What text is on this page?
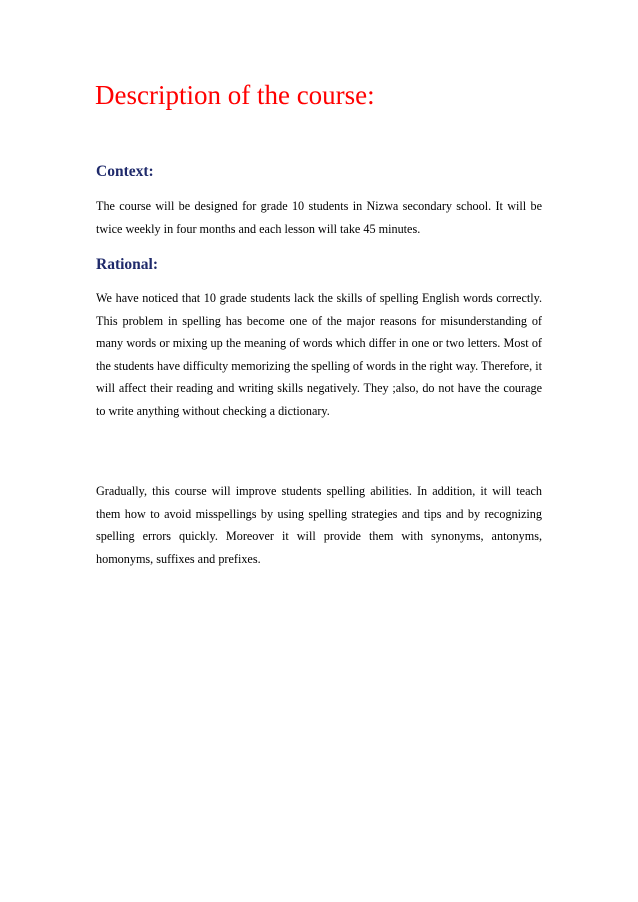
Description of the course:
Context:

The course will be designed for grade 10 students in Nizwa secondary school. It will be twice weekly in four months and each lesson will take 45 minutes.

Rational:

We have noticed that 10 grade students lack the skills of spelling English words correctly. This problem in spelling has become one of the major reasons for misunderstanding of many words or mixing up the meaning of words which differ in one or two letters. Most of the students have difficulty memorizing the spelling of words in the right way. Therefore, it will affect their reading and writing skills negatively. They ;also, do not have the courage to write anything without checking a dictionary.

Gradually, this course will improve students spelling abilities. In addition, it will teach them how to avoid misspellings by using spelling strategies and tips and by recognizing spelling errors quickly. Moreover it will provide them with synonyms, antonyms, homonyms, suffixes and prefixes.
